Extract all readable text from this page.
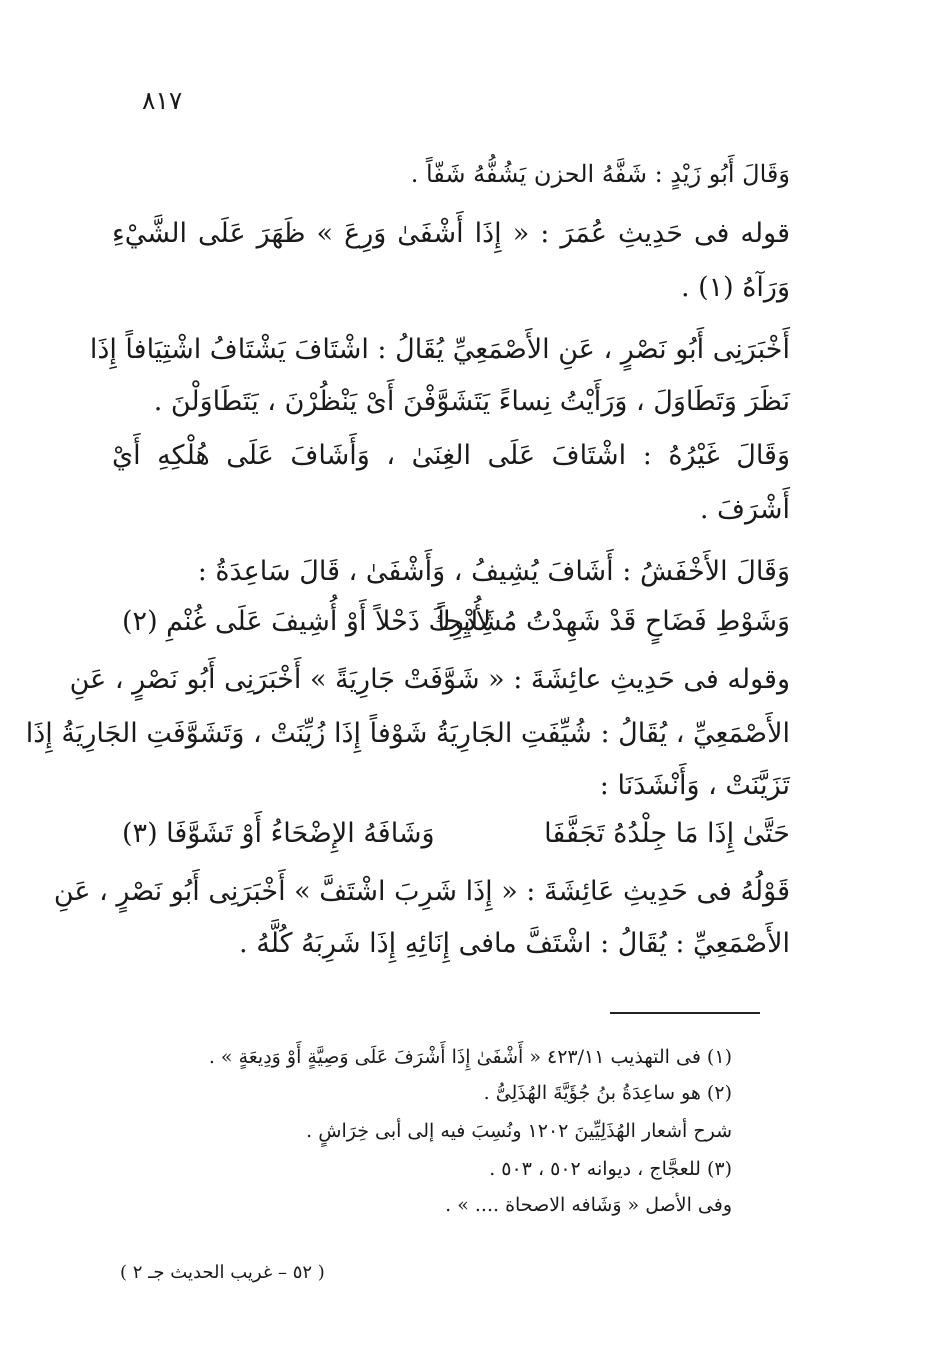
٨١٧
وَقَالَ أَبُو زَيْدٍ : شَفَّهُ الحزن يَشُفُّهُ شَفّاً .
قوله فى حَدِيثِ عُمَرَ : « إِذَا أَشْفَىٰ وَرِعَ » ظَهَرَ عَلَى الشَّيْءِ
وَرَآهُ (١) .
أَخْبَرَنِى أَبُو نَصْرٍ ، عَنِ الأَصْمَعِيِّ يُقَالُ : اشْتَافَ يَشْتَافُ اشْتِيَافاً إِذَا
نَظَرَ وَتَطَاوَلَ ، وَرَأَيْتُ نِساءً يَتَشَوَّفْنَ أَىْ يَنْظُرْنَ ، يَتَطَاوَلْنَ .
وَقَالَ غَيْرُهُ : اشْتَافَ عَلَى الغِنَىٰ ، وَأَشَافَ عَلَى هُلْكِهِ أَيْ
أَشْرَفَ .
وَقَالَ الأَخْفَشُ : أَشَافَ يُشِيفُ ، وَأَشْفَىٰ ، قَالَ سَاعِدَةُ :
وَشَوْطِ فَضَاحٍ قَدْ شَهِدْتُ مُشَايِحاً
لِأُدْرِكَ ذَحْلاً أَوْ أُشِيفَ عَلَى غُنْمِ (٢)
وقوله فى حَدِيثِ عائِشَةَ : « شَوَّفَتْ جَارِيَةً » أَخْبَرَنِى أَبُو نَصْرٍ ، عَنِ
الأَصْمَعِيِّ ، يُقَالُ : شُيِّفَتِ الجَارِيَةُ شَوْفاً إِذَا زُيِّنَتْ ، وَتَشَوَّفَتِ الجَارِيَةُ إِذَا
تَزَيَّنَتْ ، وَأَنْشَدَنَا :
حَتَّىٰ إِذَا مَا جِلْدُهُ تَجَفَّفَا
وَشَافَهُ الإِضْحَاءُ أَوْ تَشَوَّفَا (٣)
قَوْلُهُ فى حَدِيثِ عَائِشَةَ : « إِذَا شَرِبَ اشْتَفَّ » أَخْبَرَنِى أَبُو نَصْرٍ ، عَنِ
الأَصْمَعِيِّ : يُقَالُ : اشْتَفَّ مافى إِنَائِهِ إِذَا شَرِبَهُ كُلَّهُ .
(١) فى التهذيب ٤٢٣/١١ « أَشْفَىٰ إِذَا أَشْرَفَ عَلَى وَصِيَّةٍ أَوْ وَدِيعَةٍ » .
(٢) هو ساعِدَةُ بنُ جُؤَيَّةَ الهُذَلِىُّ .
شرح أشعار الهُذَلِيِّينَ ١٢٠٢ ونُسِبَ فيه إلى أبى خِرَاشٍ .
(٣) للعجَّاج ، ديوانه ٥٠٢ ، ٥٠٣ .
وفى الأصل « وَشَافه الاصحاة .... » .
( ٥٢ – غريب الحديث جـ ٢ )
